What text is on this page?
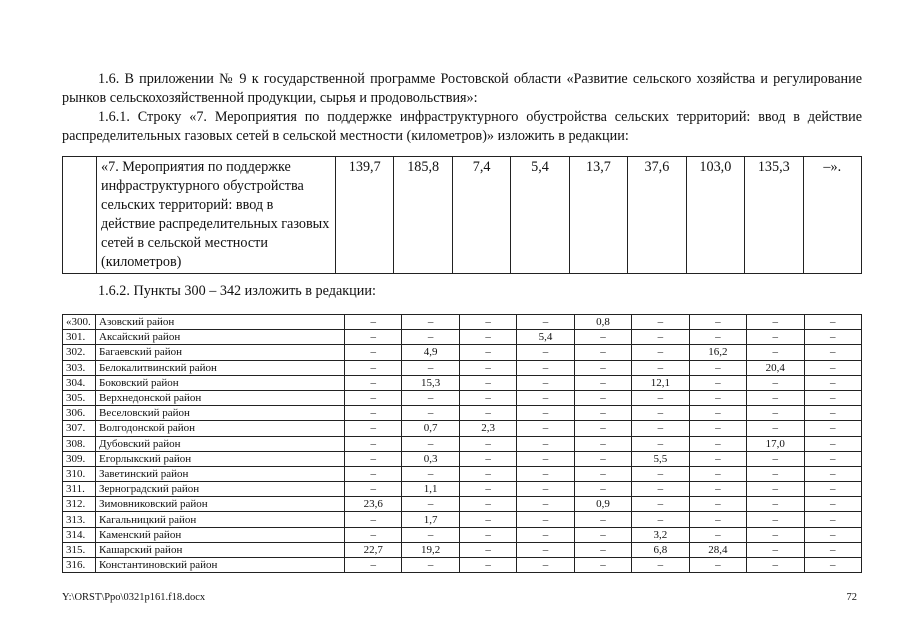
1.6. В приложении № 9 к государственной программе Ростовской области «Развитие сельского хозяйства и регулирование рынков сельскохозяйственной продукции, сырья и продовольствия»:
1.6.1. Строку «7. Мероприятия по поддержке инфраструктурного обустройства сельских территорий: ввод в действие распределительных газовых сетей в сельской местности (километров)» изложить в редакции:
	«7. Мероприятия по поддержке инфраструктурного обустройства сельских территорий: ввод в действие распределительных газовых сетей в сельской местности (километров)	139,7	185,8	7,4	5,4	13,7	37,6	103,0	135,3	–».
1.6.2. Пункты 300 – 342 изложить в редакции:
«300.	Азовский район	–	–	–	–	0,8	–	–	–	–
301.	Аксайский район	–	–	–	5,4	–	–	–	–	–
302.	Багаевский район	–	4,9	–	–	–	–	16,2	–	–
303.	Белокалитвинский район	–	–	–	–	–	–	–	20,4	–
304.	Боковский район	–	15,3	–	–	–	12,1	–	–	–
305.	Верхнедонской район	–	–	–	–	–	–	–	–	–
306.	Веселовский район	–	–	–	–	–	–	–	–	–
307.	Волгодонской район	–	0,7	2,3	–	–	–	–	–	–
308.	Дубовский район	–	–	–	–	–	–	–	17,0	–
309.	Егорлыкский район	–	0,3	–	–	–	5,5	–	–	–
310.	Заветинский район	–	–	–	–	–	–	–	–	–
311.	Зерноградский район	–	1,1	–	–	–	–	–	–	–
312.	Зимовниковский район	23,6	–	–	–	0,9	–	–	–	–
313.	Кагальницкий район	–	1,7	–	–	–	–	–	–	–
314.	Каменский район	–	–	–	–	–	3,2	–	–	–
315.	Кашарский район	22,7	19,2	–	–	–	6,8	28,4	–	–
316.	Константиновский район	–	–	–	–	–	–	–	–	–
Y:\ORST\Ppo\0321p161.f18.docx	72
